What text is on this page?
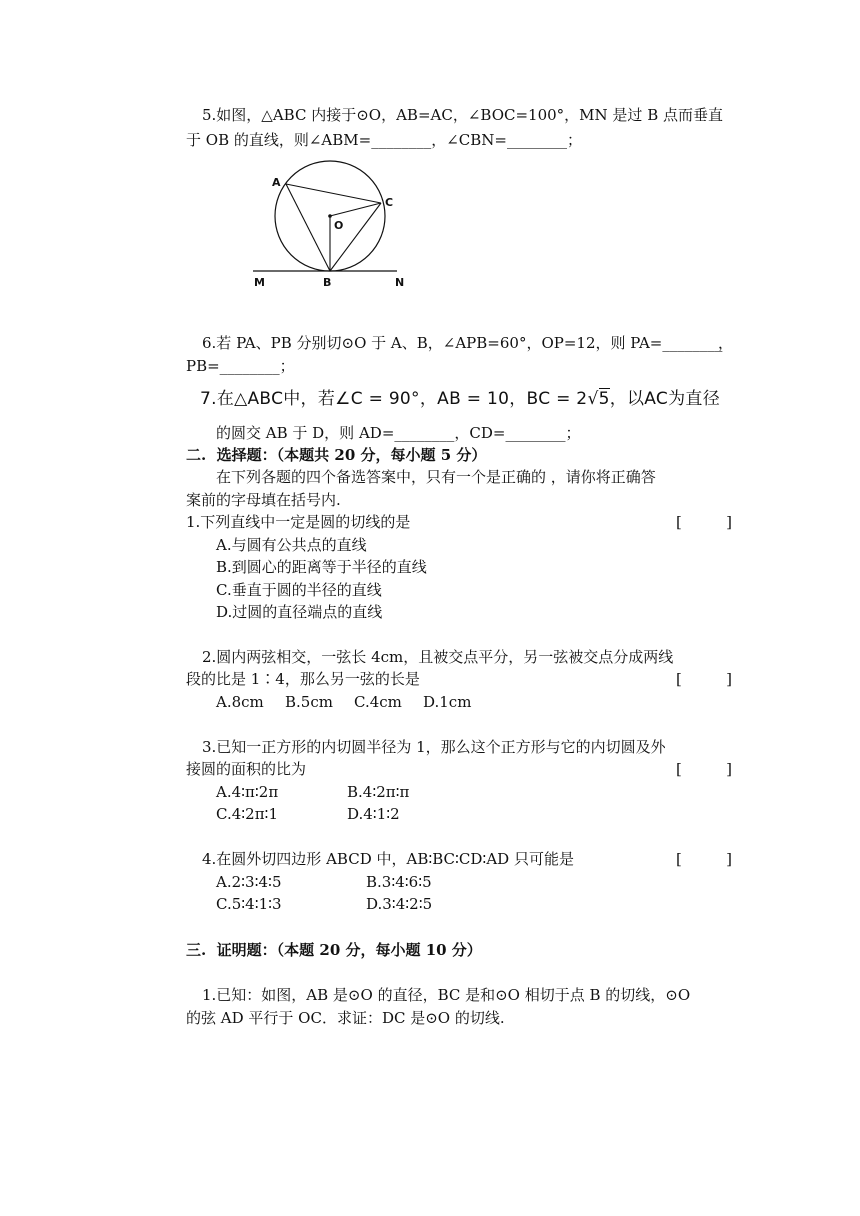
5.如图，△ABC 内接于⊙O，AB=AC，∠BOC=100°，MN 是过 B 点而垂直
于 OB 的直线，则∠ABM=________，∠CBN=________；
A
C
O
M	B	N
6.若 PA、PB 分别切⊙O 于 A、B，∠APB=60°，OP=12，则 PA=________
，
PB=________；
7.在△ABC中，若∠C = 90°，AB = 10，BC = 2√5，以AC为直径
的圆交 AB 于 D，则 AD=________，CD=________；
二.  选择题：（本题共 20 分，每小题 5 分）
在下列各题的四个备选答案中，只有一个是正确的 ，请你将正确答
案前的字母填在括号内.
1.下列直线中一定是圆的切线的是	[	]
A.与圆有公共点的直线
B.到圆心的距离等于半径的直线
C.垂直于圆的半径的直线
D.过圆的直径端点的直线
2.圆内两弦相交，一弦长 4cm，且被交点平分，另一弦被交点分成两线
段的比是 1∶4，那么另一弦的长是	[	]
A.8cm B.5cm C.4cm D.1cm
3.已知一正方形的内切圆半径为 1，那么这个正方形与它的内切圆及外
接圆的面积的比为	[	]
A.4∶π∶2π	B.4∶2π∶π
C.4∶2π∶1	D.4∶1∶2
4.在圆外切四边形 ABCD 中，AB∶BC∶CD∶AD 只可能是	[	]
A.2∶3∶4∶5	B.3∶4∶6∶5
C.5∶4∶1∶3	D.3∶4∶2∶5
三.  证明题：（本题 20 分，每小题 10 分）
1.已知：如图，AB 是⊙O 的直径，BC 是和⊙O 相切于点 B 的切线，⊙O
的弦 AD 平行于 OC．求证：DC 是⊙O 的切线.
